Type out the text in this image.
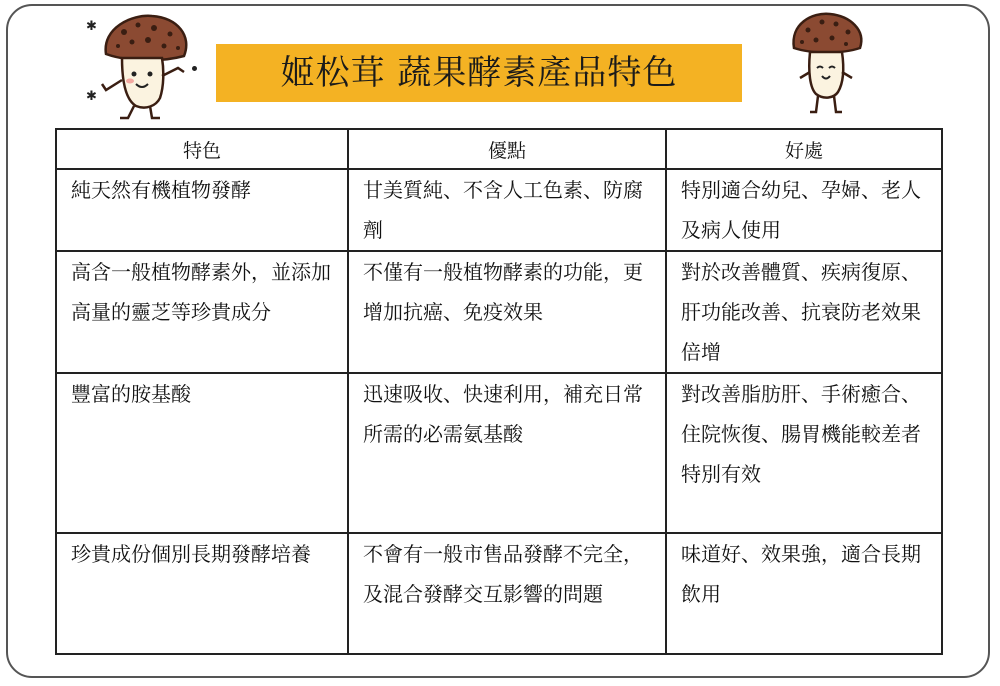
✱
✱
姬松茸 蔬果酵素產品特色
特色	優點	好處
純天然有機植物發酵	甘美質純、不含人工色素、防腐劑	特別適合幼兒、孕婦、老人及病人使用
高含一般植物酵素外，並添加高量的靈芝等珍貴成分	不僅有一般植物酵素的功能，更增加抗癌、免疫效果	對於改善體質、疾病復原、肝功能改善、抗衰防老效果倍增
豐富的胺基酸	迅速吸收、快速利用，補充日常所需的必需氨基酸	對改善脂肪肝、手術癒合、住院恢復、腸胃機能較差者特別有效
珍貴成份個別長期發酵培養	不會有一般市售品發酵不完全，及混合發酵交互影響的問題	味道好、效果強，適合長期飲用
